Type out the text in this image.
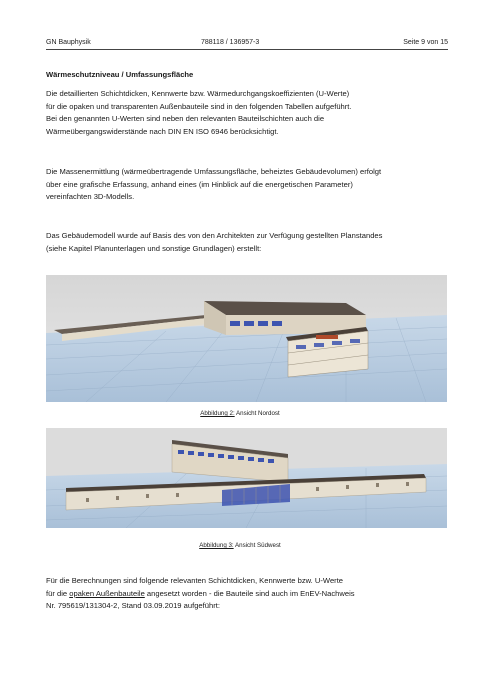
GN Bauphysik	788118 / 136957-3	Seite 9 von 15
Wärmeschutzniveau / Umfassungsfläche
Die detaillierten Schichtdicken, Kennwerte bzw. Wärmedurchgangskoeffizienten (U-Werte)
für die opaken und transparenten Außenbauteile sind in den folgenden Tabellen aufgeführt.
Bei den genannten U-Werten sind neben den relevanten Bauteilschichten auch die
Wärmeübergangswiderstände nach DIN EN ISO 6946 berücksichtigt.
Die Massenermittlung (wärmeübertragende Umfassungsfläche, beheiztes Gebäudevolumen) erfolgt
über eine grafische Erfassung, anhand eines (im Hinblick auf die energetischen Parameter)
vereinfachten 3D-Modells.
Das Gebäudemodell wurde auf Basis des von den Architekten zur Verfügung gestellten Planstandes
(siehe Kapitel Planunterlagen und sonstige Grundlagen) erstellt:
Abbildung 2: Ansicht Nordost
Abbildung 3: Ansicht Südwest
Für die Berechnungen sind folgende relevanten Schichtdicken, Kennwerte bzw. U-Werte
für die opaken Außenbauteile angesetzt worden - die Bauteile sind auch im EnEV-Nachweis
Nr. 795619/131304-2, Stand 03.09.2019 aufgeführt:
